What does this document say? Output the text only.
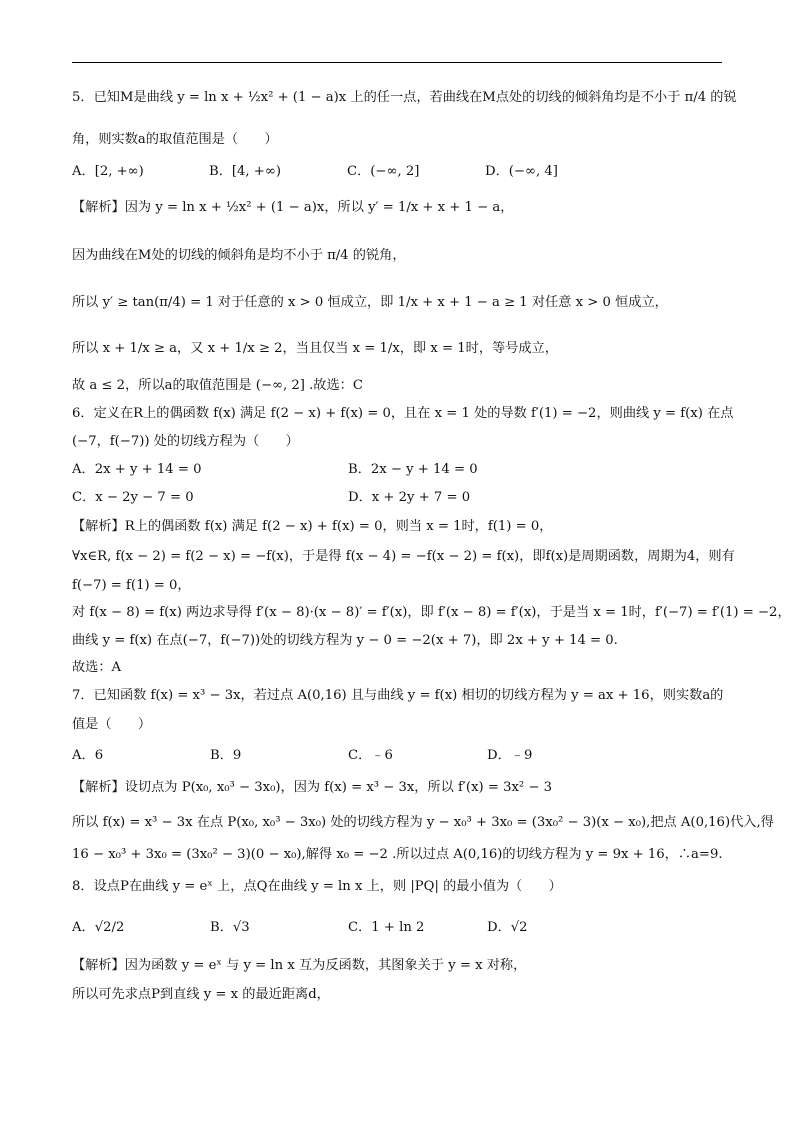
5．已知M是曲线 y = ln x + ½x² + (1 − a)x 上的任一点，若曲线在M点处的切线的倾斜角均是不小于 π/4 的锐
角，则实数a的取值范围是（　　）
【解析】因为 y = ln x + ½x² + (1 − a)x，所以 y′ = 1/x + x + 1 − a，
因为曲线在M处的切线的倾斜角是均不小于 π/4 的锐角，
所以 y′ ≥ tan(π/4) = 1 对于任意的 x > 0 恒成立，即 1/x + x + 1 − a ≥ 1 对任意 x > 0 恒成立，
所以 x + 1/x ≥ a，又 x + 1/x ≥ 2，当且仅当 x = 1/x，即 x = 1时，等号成立，
故 a ≤ 2，所以a的取值范围是 (−∞, 2] .故选：C
6．定义在R上的偶函数 f(x) 满足 f(2 − x) + f(x) = 0，且在 x = 1 处的导数 f′(1) = −2，则曲线 y = f(x) 在点
(−7，f(−7)) 处的切线方程为（　　）
【解析】R上的偶函数 f(x) 满足 f(2 − x) + f(x) = 0，则当 x = 1时，f(1) = 0，
∀x∈R, f(x − 2) = f(2 − x) = −f(x)，于是得 f(x − 4) = −f(x − 2) = f(x)，即f(x)是周期函数，周期为4，则有
f(−7) = f(1) = 0，
对 f(x − 8) = f(x) 两边求导得 f′(x − 8)·(x − 8)′ = f′(x)，即 f′(x − 8) = f′(x)，于是当 x = 1时，f′(−7) = f′(1) = −2，
曲线 y = f(x) 在点(−7，f(−7))处的切线方程为 y − 0 = −2(x + 7)，即 2x + y + 14 = 0.
故选：A
7．已知函数 f(x) = x³ − 3x，若过点 A(0,16) 且与曲线 y = f(x) 相切的切线方程为 y = ax + 16，则实数a的
值是（　　）
【解析】设切点为 P(x₀, x₀³ − 3x₀)，因为 f(x) = x³ − 3x，所以 f′(x) = 3x² − 3
所以 f(x) = x³ − 3x 在点 P(x₀, x₀³ − 3x₀) 处的切线方程为 y − x₀³ + 3x₀ = (3x₀² − 3)(x − x₀),把点 A(0,16)代入,得
16 − x₀³ + 3x₀ = (3x₀² − 3)(0 − x₀),解得 x₀ = −2 .所以过点 A(0,16)的切线方程为 y = 9x + 16，∴a=9.
8．设点P在曲线 y = eˣ 上，点Q在曲线 y = ln x 上，则 |PQ| 的最小值为（　　）
【解析】因为函数 y = eˣ 与 y = ln x 互为反函数，其图象关于 y = x 对称，
所以可先求点P到直线 y = x 的最近距离d，
A．[2, +∞)	B．[4, +∞)	C．(−∞, 2]	D．(−∞, 4]
A．2x + y + 14 = 0	B．2x − y + 14 = 0
C．x − 2y − 7 = 0	D．x + 2y + 7 = 0
A．6	B．9	C．﹣6	D．﹣9
A．√2/2	B．√3	C．1 + ln 2	D．√2
